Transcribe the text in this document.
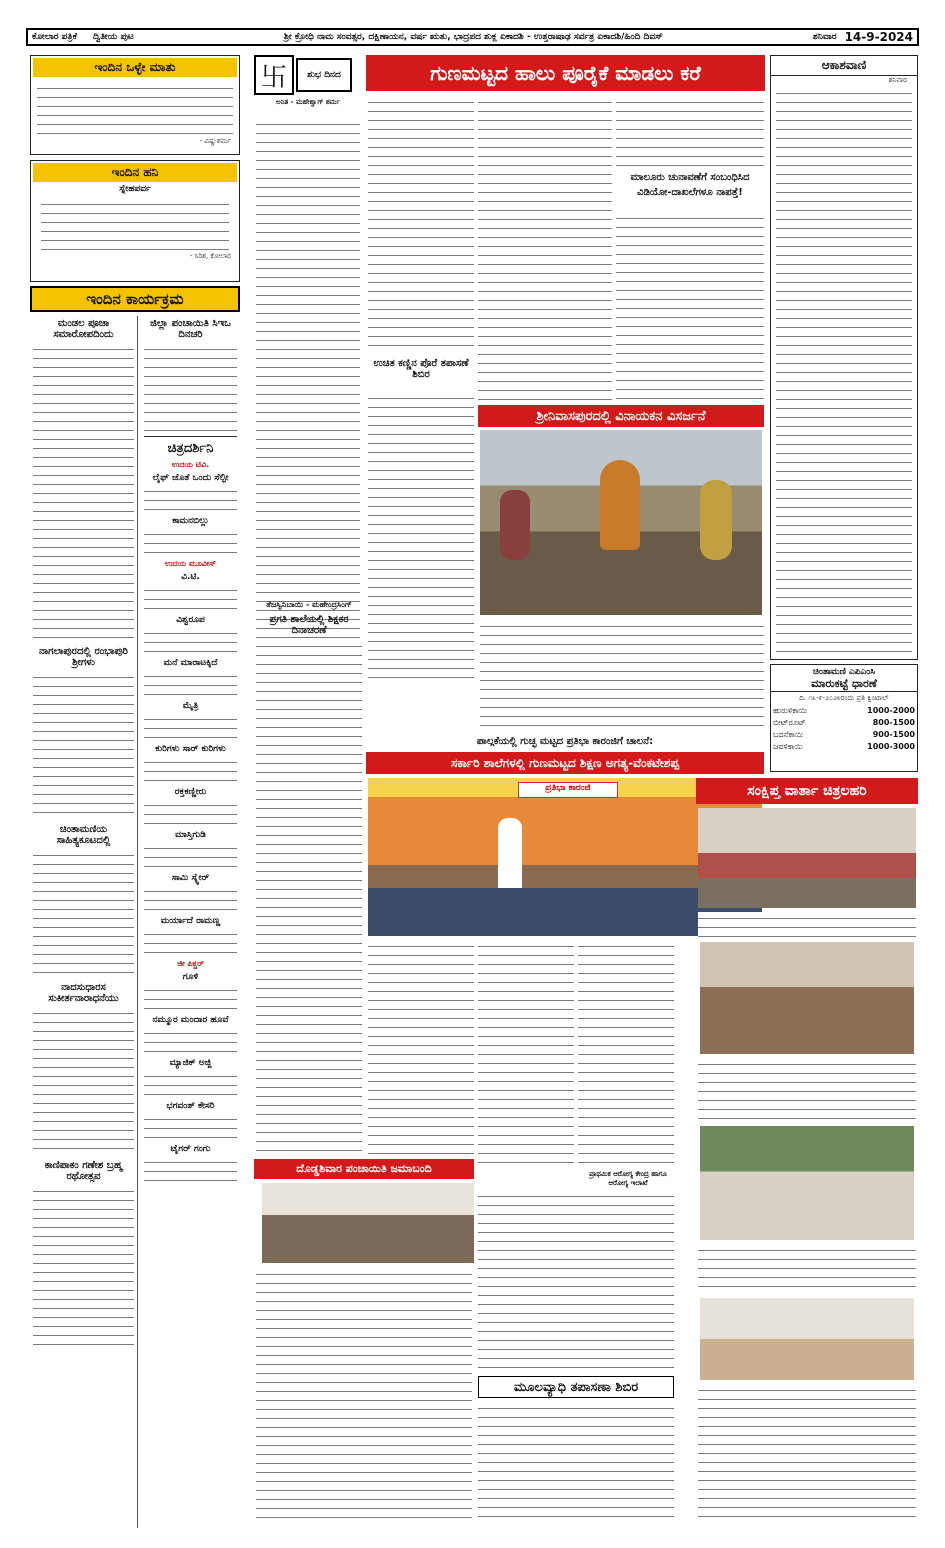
ಕೋಲಾರ ಪತ್ರಿಕೆ ದ್ವಿತೀಯ ಪುಟ	ಶ್ರೀ ಕ್ರೋಧಿ ನಾಮ ಸಂವತ್ಸರ, ದಕ್ಷಿಣಾಯನ, ವರ್ಷ ಋತು, ಭಾದ್ರಪದ ಶುಕ್ಲ ಏಕಾದಶಿ - ಉತ್ತರಾಷಾಢ ಸರ್ವತ್ರ ಏಕಾದಶಿ/ಹಿಂದಿ ದಿವಸ್	ಶನಿವಾರ 14-9-2024
ಇಂದಿನ ಒಳ್ಳೇ ಮಾತು
- ವಿಷ್ಣುಶರ್ಮ
ಇಂದಿನ ಹನಿ
ಸ್ನೇಹಪರ್ವ
- ಸಿರಿಶ, ಕೋಲಾರ
ಇಂದಿನ ಕಾರ್ಯಕ್ರಮ
ಮಂಡಲ ಪೂಜಾ ಸಮಾರೋಪದಿಂದು
ನಾಗಲಾಪುರದಲ್ಲಿ ರಂಭಾಪುರಿ ಶ್ರೀಗಳು
ಚಿಂತಾಮಣಿಯ ಸಾಹಿತ್ಯಕೂಟದಲ್ಲಿ
ನಾದಸುಧಾರಸ ಸುಕೀರ್ತನಾರಾಧನೆಯು
ಕಾಣಿಪಾಕಂ ಗಣೇಶ ಬ್ರಹ್ಮ ರಥೋತ್ಸವ
ಜಿಲ್ಲಾ ಪಂಚಾಯಿತಿ ಸಿಇಒ ದಿನಚರಿ
ಚಿತ್ರದರ್ಶಿನಿ
ಉದಯ ಟಿವಿ.
ಲೈಫ್ ಜೊತೆ ಒಂದು ಸೆಲ್ಫೀ
ಕಾಮನಬಿಲ್ಲು
ಉದಯ ಮೂವೀಸ್
ವಿ.ಟಿ.
ವಿಶ್ವರೂಪ
ಮನೆ ಮಾರಾಟಕ್ಕಿದೆ
ಮೈತ್ರಿ
ಕುರಿಗಳು ಸಾರ್ ಕುರಿಗಳು
ರಕ್ತಕಣ್ಣೀರು
ಮಾಸ್ತಿಗುಡಿ
ಸಾಮಿ ಸ್ಕ್ವೇರ್
ಮರ್ಯಾದೆ ರಾಮಣ್ಣ
ಜೀ ಪಿಕ್ಚರ್
ಗೂಳಿ
ನಮ್ಮೂರ ಮಂದಾರ ಹೂವೆ
ಮ್ಯಾಜಿಕ್ ಅಜ್ಜಿ
ಭಗವಂತ್ ಕೇಸರಿ
ಟೈಗರ್ ಗಂಗು
卐	ಶುಭ ದಿನದ
ಅನಿತ - ಮಹೇಶ್ವಾಗ್ ಶರ್ಮ
ಗುಣಮಟ್ಟದ ಹಾಲು ಪೂರೈಕೆ ಮಾಡಲು ಕರೆ
ಮಾಲೂರು ಚುನಾವಣೆಗೆ ಸಂಬಂಧಿಸಿದ ವಿಡಿಯೋ-ದಾಖಲೆಗಳೂ ನಾಪತ್ತೆ!
ಉಚಿತ ಕಣ್ಣಿನ ಪೊರೆ ತಪಾಸಣೆ ಶಿಬಿರ
ಶ್ರೀನಿವಾಸಪುರದಲ್ಲಿ ವಿನಾಯಕನ ವಿಸರ್ಜನೆ
ಪ್ರಗತಿ ಶಾಲೆಯಲ್ಲಿ ಶಿಕ್ಷಕರ ದಿನಾಚರಣೆ
ತೆಜಸ್ವಿನಿಬಾಯಿ - ಮಹೇಂದ್ರಸಿಂಗ್
ಪಾಲ್ಗಕೆಯಲ್ಲಿ ಗುಚ್ಛ ಮಟ್ಟದ ಪ್ರತಿಭಾ ಕಾರಂಜಿಗೆ ಚಾಲನೆ:
ಸರ್ಕಾರಿ ಶಾಲೆಗಳಲ್ಲಿ ಗುಣಮಟ್ಟದ ಶಿಕ್ಷಣ ಅಗತ್ಯ-ವೆಂಕಟೇಶಪ್ಪ
ಪ್ರತಿಭಾ ಕಾರಂಜಿ
ದೊಡ್ಡಶಿವಾರ ಪಂಚಾಯಿತಿ ಜಮಾಬಂದಿ	ಪ್ರಾಥಮಿಕ ಆರೋಗ್ಯ ಕೇಂದ್ರ ಹಾಗೂ ಆರೋಗ್ಯ ಇಲಾಖೆ
ಮೂಲವ್ಯಾಧಿ ತಪಾಸಣಾ ಶಿಬಿರ
ಆಕಾಶವಾಣಿ
ಶನಿವಾರ
ಚಿಂತಾಮಣಿ ಎಪಿಎಂಸಿ
ಮಾರುಕಟ್ಟೆ ಧಾರಣೆ
ದಿ. ೧೩-೯-೨೦೨೪ರಂದು ಪ್ರತಿ ಕ್ವಿಂಟಾಲ್
ಹುರುಳಿಕಾಯಿ	1000-2000
ಬೀಟ್‌ರೂಟ್	800-1500
ಬದನೆಕಾಯಿ	900-1500
ಜವಳಿಕಾಯಿ	1000-3000
ಸಂಕ್ಷಿಪ್ತ ವಾರ್ತಾ ಚಿತ್ರಲಹರಿ
